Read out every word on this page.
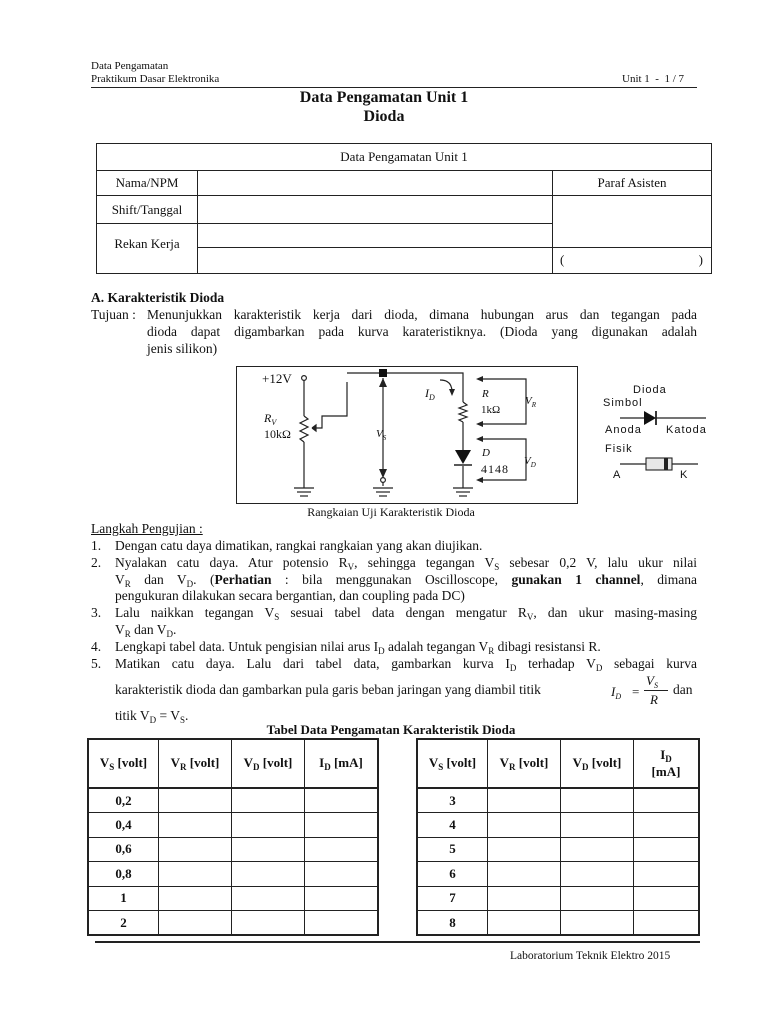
Data Pengamatan
Praktikum Dasar Elektronika	Unit 1  -  1 / 7
Data Pengamatan Unit 1
Dioda
Data Pengamatan Unit 1		
Nama/NPM		Paraf Asisten
Shift/Tanggal		
Rekan Kerja		

		( )
A. Karakteristik Dioda
Tujuan : Menunjukkan karakteristik kerja dari dioda, dimana hubungan arus dan tegangan pada
dioda dapat digambarkan pada kurva karateristiknya. (Dioda yang digunakan adalah
jenis silikon)
+12V
$R_V$
10kΩ
$I_D$
$V_S$
R
1kΩ
$V_R$
D
4148
$V_D$
Rangkaian Uji Karakteristik Dioda
Dioda
Simbol
Anoda Katoda
Fisik
A	K
Langkah Pengujian :
1. Dengan catu daya dimatikan, rangkai rangkaian yang akan diujikan.
2. Nyalakan catu daya. Atur potensio $R_V$, sehingga tegangan $V_S$ sebesar 0,2 V, lalu ukur nilai
$V_R$ dan $V_D$. (Perhatian : bila menggunakan Oscilloscope, gunakan 1 channel, dimana
pengukuran dilakukan secara bergantian, dan coupling pada DC)
3. Lalu naikkan tegangan $V_S$ sesuai tabel data dengan mengatur $R_V$, dan ukur masing-masing
$V_R$ dan $V_D$.
4. Lengkapi tabel data. Untuk pengisian nilai arus $I_D$ adalah tegangan $V_R$ dibagi resistansi R.
5. Matikan catu daya. Lalu dari tabel data, gambarkan kurva $I_D$ terhadap $V_D$ sebagai kurva
karakteristik dioda dan gambarkan pula garis beban jaringan yang diambil titik	$I_D$ =
$V_S$
R
dan
titik $V_D = V_S$.
Tabel Data Pengamatan Karakteristik Dioda
$V_S$ [volt]	$V_R$ [volt]	$V_D$ [volt]	$I_D$ [mA]
0,2			
0,4			
0,6			
0,8			
1			
2			
$V_S$ [volt]	$V_R$ [volt]	$V_D$ [volt]	$I_D$
[mA]
3			
4			
5			
6			
7			
8			
Laboratorium Teknik Elektro 2015
